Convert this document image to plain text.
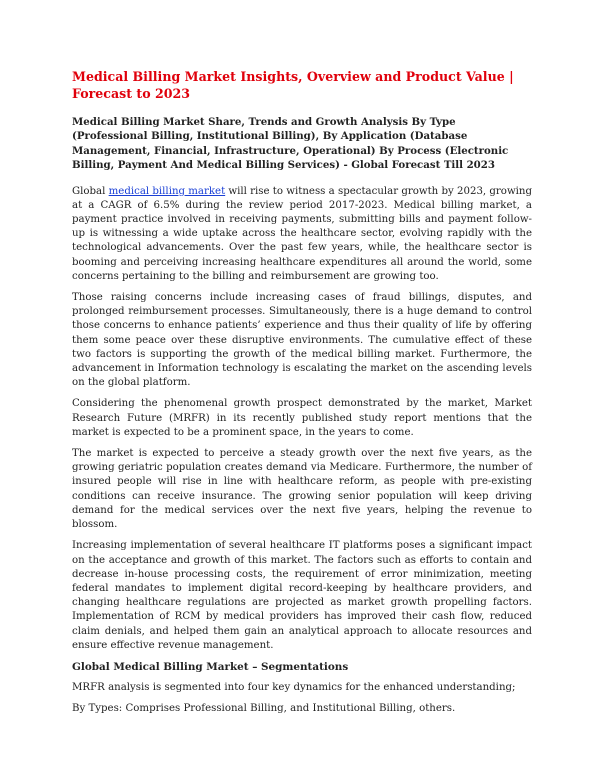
Medical Billing Market Insights, Overview and Product Value | Forecast to 2023
Medical Billing Market Share, Trends and Growth Analysis By Type (Professional Billing, Institutional Billing), By Application (Database Management, Financial, Infrastructure, Operational) By Process (Electronic Billing, Payment And Medical Billing Services) - Global Forecast Till 2023

Global medical billing market will rise to witness a spectacular growth by 2023, growing at a CAGR of 6.5% during the review period 2017-2023. Medical billing market, a payment practice involved in receiving payments, submitting bills and payment follow-up is witnessing a wide uptake across the healthcare sector, evolving rapidly with the technological advancements. Over the past few years, while, the healthcare sector is booming and perceiving increasing healthcare expenditures all around the world, some concerns pertaining to the billing and reimbursement are growing too.

Those raising concerns include increasing cases of fraud billings, disputes, and prolonged reimbursement processes. Simultaneously, there is a huge demand to control those concerns to enhance patients’ experience and thus their quality of life by offering them some peace over these disruptive environments. The cumulative effect of these two factors is supporting the growth of the medical billing market. Furthermore, the advancement in Information technology is escalating the market on the ascending levels on the global platform.

Considering the phenomenal growth prospect demonstrated by the market, Market Research Future (MRFR) in its recently published study report mentions that the market is expected to be a prominent space, in the years to come.

The market is expected to perceive a steady growth over the next five years, as the growing geriatric population creates demand via Medicare. Furthermore, the number of insured people will rise in line with healthcare reform, as people with pre-existing conditions can receive insurance. The growing senior population will keep driving demand for the medical services over the next five years, helping the revenue to blossom.

Increasing implementation of several healthcare IT platforms poses a significant impact on the acceptance and growth of this market. The factors such as efforts to contain and decrease in-house processing costs, the requirement of error minimization, meeting federal mandates to implement digital record-keeping by healthcare providers, and changing healthcare regulations are projected as market growth propelling factors. Implementation of RCM by medical providers has improved their cash flow, reduced claim denials, and helped them gain an analytical approach to allocate resources and ensure effective revenue management.

Global Medical Billing Market – Segmentations

MRFR analysis is segmented into four key dynamics for the enhanced understanding;

By Types: Comprises Professional Billing, and Institutional Billing, others.
